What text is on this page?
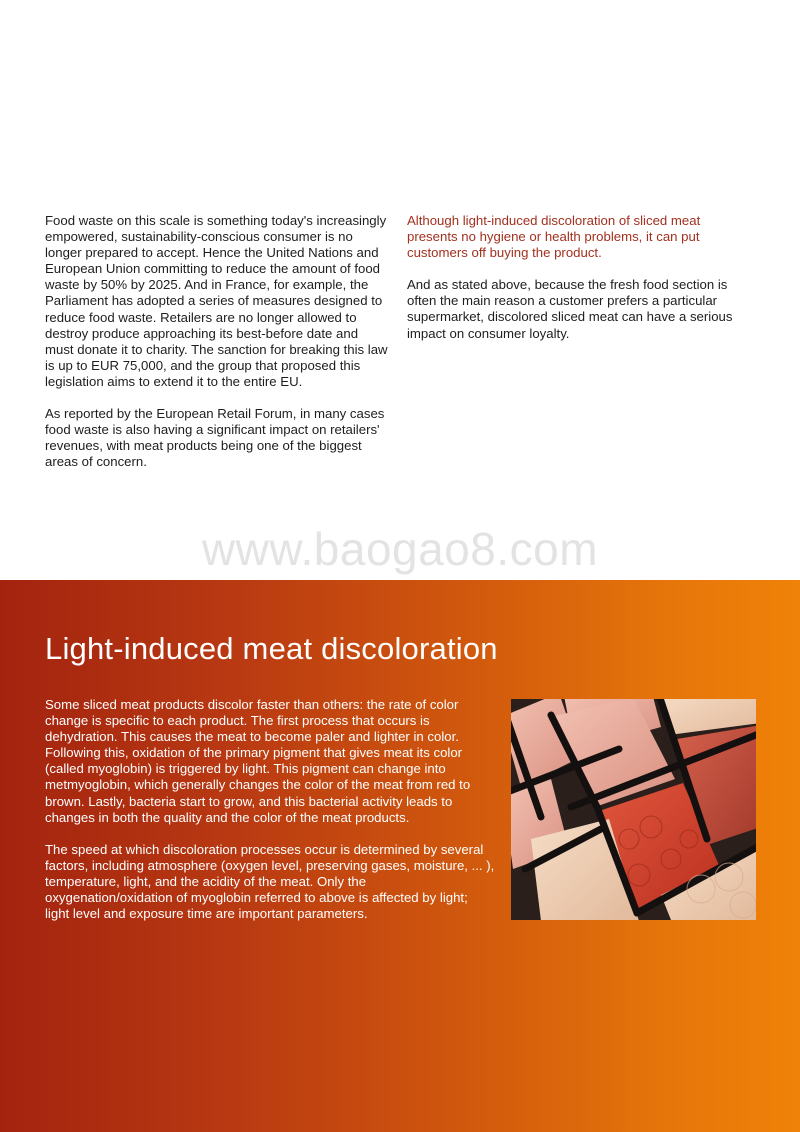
Food waste on this scale is something today's increasingly empowered, sustainability-conscious consumer is no longer prepared to accept. Hence the United Nations and European Union committing to reduce the amount of food waste by 50% by 2025. And in France, for example, the Parliament has adopted a series of measures designed to reduce food waste. Retailers are no longer allowed to destroy produce approaching its best-before date and must donate it to charity. The sanction for breaking this law is up to EUR 75,000, and the group that proposed this legislation aims to extend it to the entire EU.

As reported by the European Retail Forum, in many cases food waste is also having a significant impact on retailers' revenues, with meat products being one of the biggest areas of concern.

Although light-induced discoloration of sliced meat presents no hygiene or health problems, it can put customers off buying the product.

And as stated above, because the fresh food section is often the main reason a customer prefers a particular supermarket, discolored sliced meat can have a serious impact on consumer loyalty.

www.baogao8.com
Light-induced meat discoloration

Some sliced meat products discolor faster than others: the rate of color change is specific to each product. The first process that occurs is dehydration. This causes the meat to become paler and lighter in color. Following this, oxidation of the primary pigment that gives meat its color (called myoglobin) is triggered by light. This pigment can change into metmyoglobin, which generally changes the color of the meat from red to brown. Lastly, bacteria start to grow, and this bacterial activity leads to changes in both the quality and the color of the meat products.

The speed at which discoloration processes occur is determined by several factors, including atmosphere (oxygen level, preserving gases, moisture, ... ), temperature, light, and the acidity of the meat. Only the oxygenation/oxidation of myoglobin referred to above is affected by light; light level and exposure time are important parameters.
